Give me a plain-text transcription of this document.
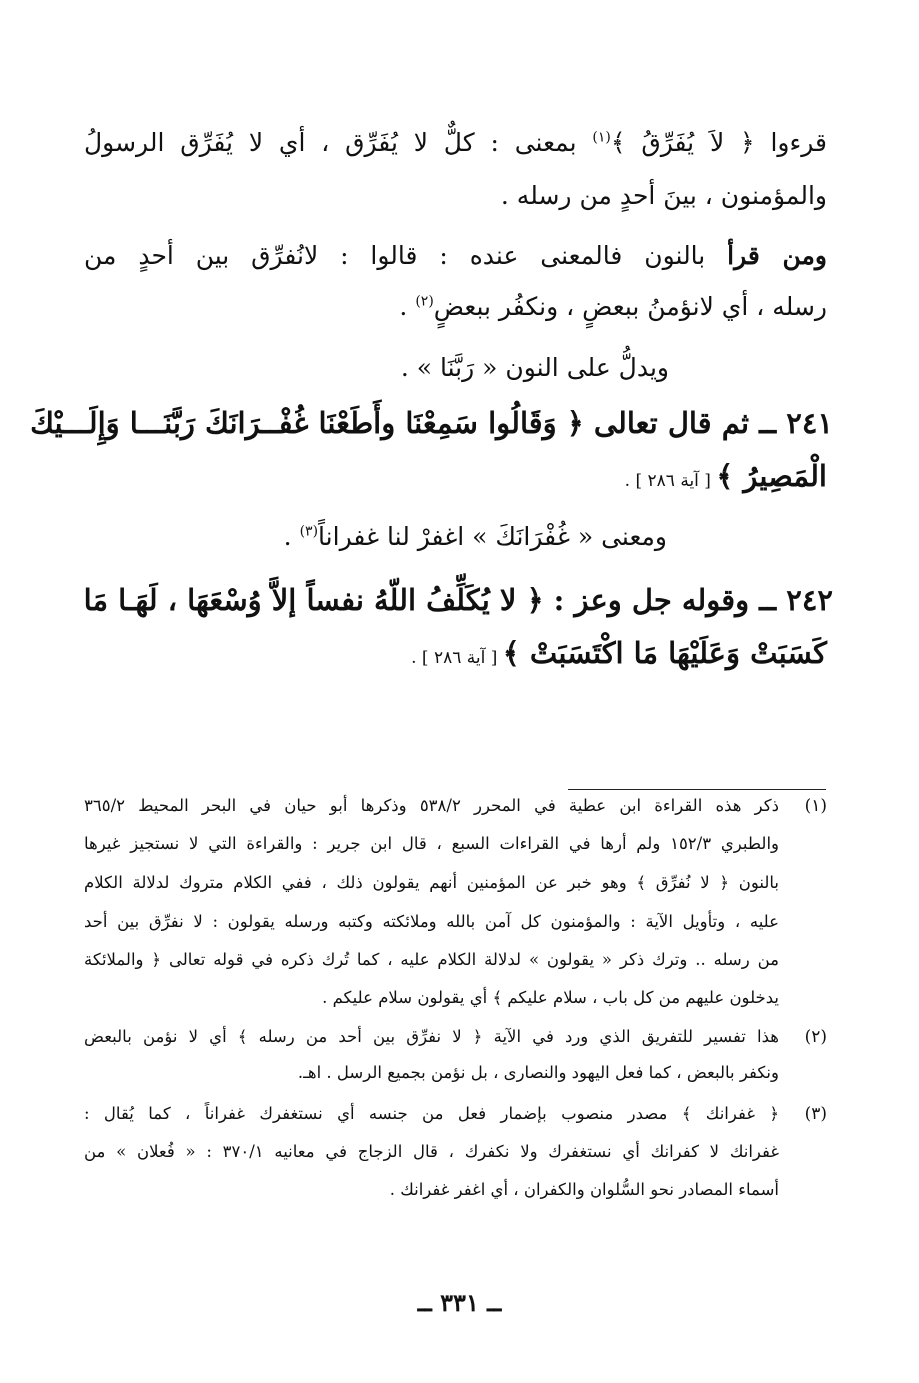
قرءوا ﴿ لاَ يُفَرِّقُ ﴾$^{(١)}$ بمعنى : كلٌّ لا يُفَرِّق ، أي لا يُفَرِّق الرسولُ
والمؤمنون ، بينَ أحدٍ من رسله .
ومن قرأ بالنون فالمعنى عنده : قالوا : لانُفرِّق بين أحدٍ من
رسله ، أي لانؤمنُ ببعضٍ ، ونكفُر ببعضٍ$^{(٢)}$ .
ويدلُّ على النون « رَبَّنَا » .
٢٤١ ــ ثم قال تعالى ﴿ وَقَالُوا سَمِعْنَا وأَطَعْنَا غُفْــرَانَكَ رَبَّنَـــا وَإِلَـــيْكَ
الْمَصِيرُ ﴾ [ آية ٢٨٦ ] .
ومعنى « غُفْرَانَكَ » اغفرْ لنا غفراناً$^{(٣)}$ .
٢٤٢ ــ وقوله جل وعز : ﴿ لا يُكَلِّفُ اللّهُ نفساً إلاَّ وُسْعَهَا ، لَهَـا مَا
كَسَبَتْ وَعَلَيْهَا مَا اكْتَسَبَتْ ﴾ [ آية ٢٨٦ ] .
(١)
ذكر هذه القراءة ابن عطية في المحرر ٥٣٨/٢ وذكرها أبو حيان في البحر المحيط ٣٦٥/٢
والطبري ١٥٢/٣ ولم أرها في القراءات السبع ، قال ابن جرير : والقراءة التي لا نستجيز غيرها
بالنون ﴿ لا نُفرِّق ﴾ وهو خبر عن المؤمنين أنهم يقولون ذلك ، ففي الكلام متروك لدلالة الكلام
عليه ، وتأويل الآية : والمؤمنون كل آمن بالله وملائكته وكتبه ورسله يقولون : لا نفرِّق بين أحد
من رسله .. وترك ذكر « يقولون » لدلالة الكلام عليه ، كما تُرك ذكره في قوله تعالى ﴿ والملائكة
يدخلون عليهم من كل باب ، سلام عليكم ﴾ أي يقولون سلام عليكم .
(٢)
هذا تفسير للتفريق الذي ورد في الآية ﴿ لا نفرِّق بين أحد من رسله ﴾ أي لا نؤمن بالبعض
ونكفر بالبعض ، كما فعل اليهود والنصارى ، بل نؤمن بجميع الرسل . اهـ.
(٣)
﴿ غفرانك ﴾ مصدر منصوب بإضمار فعل من جنسه أي نستغفرك غفراناً ، كما يُقال :
غفرانك لا كفرانك أي نستغفرك ولا نكفرك ، قال الزجاج في معانيه ٣٧٠/١ : « فُعلان » من
أسماء المصادر نحو السُّلوان والكفران ، أي اغفر غفرانك .
ــ ٣٣١ ــ
